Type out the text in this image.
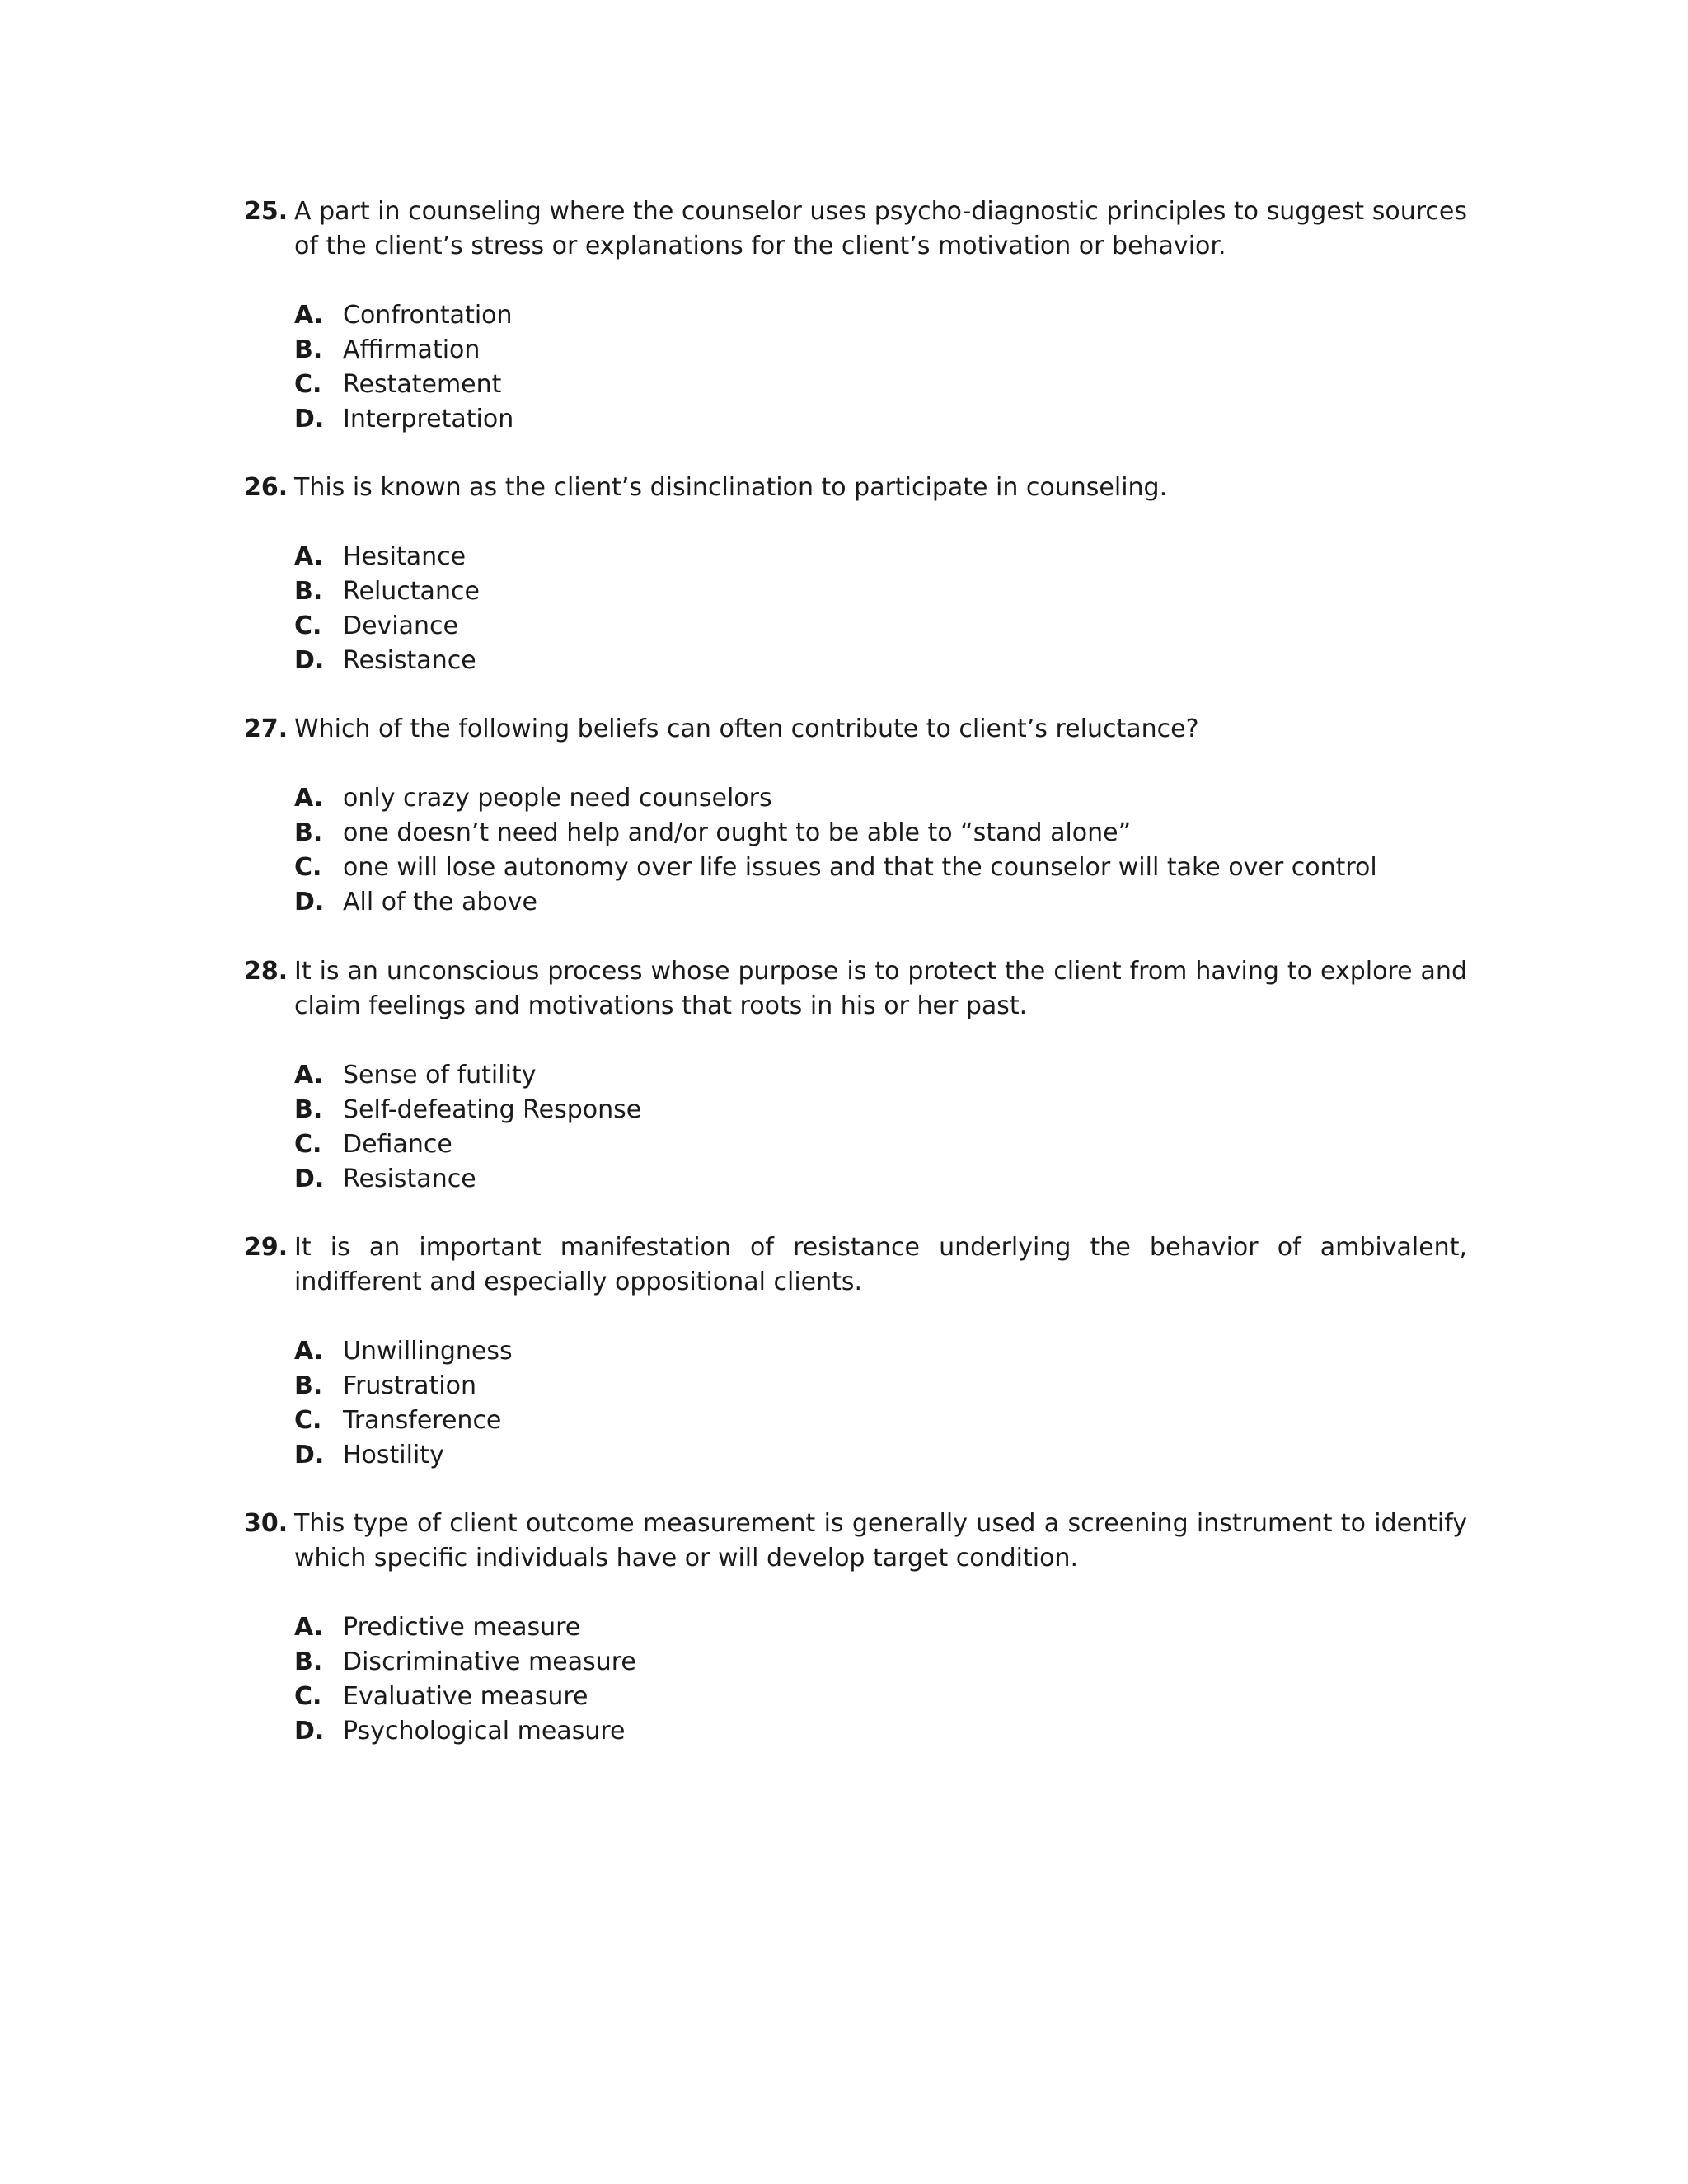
25. A part in counseling where the counselor uses psycho-diagnostic principles to suggest sources of the client’s stress or explanations for the client’s motivation or behavior.
A. Confrontation
B. Affirmation
C. Restatement
D. Interpretation
26. This is known as the client’s disinclination to participate in counseling.
A. Hesitance
B. Reluctance
C. Deviance
D. Resistance
27. Which of the following beliefs can often contribute to client’s reluctance?
A. only crazy people need counselors
B. one doesn’t need help and/or ought to be able to “stand alone”
C. one will lose autonomy over life issues and that the counselor will take over control
D. All of the above
28. It is an unconscious process whose purpose is to protect the client from having to explore and claim feelings and motivations that roots in his or her past.
A. Sense of futility
B. Self-defeating Response
C. Defiance
D. Resistance
29. It is an important manifestation of resistance underlying the behavior of ambivalent, indifferent and especially oppositional clients.
A. Unwillingness
B. Frustration
C. Transference
D. Hostility
30. This type of client outcome measurement is generally used a screening instrument to identify which specific individuals have or will develop target condition.
A. Predictive measure
B. Discriminative measure
C. Evaluative measure
D. Psychological measure
